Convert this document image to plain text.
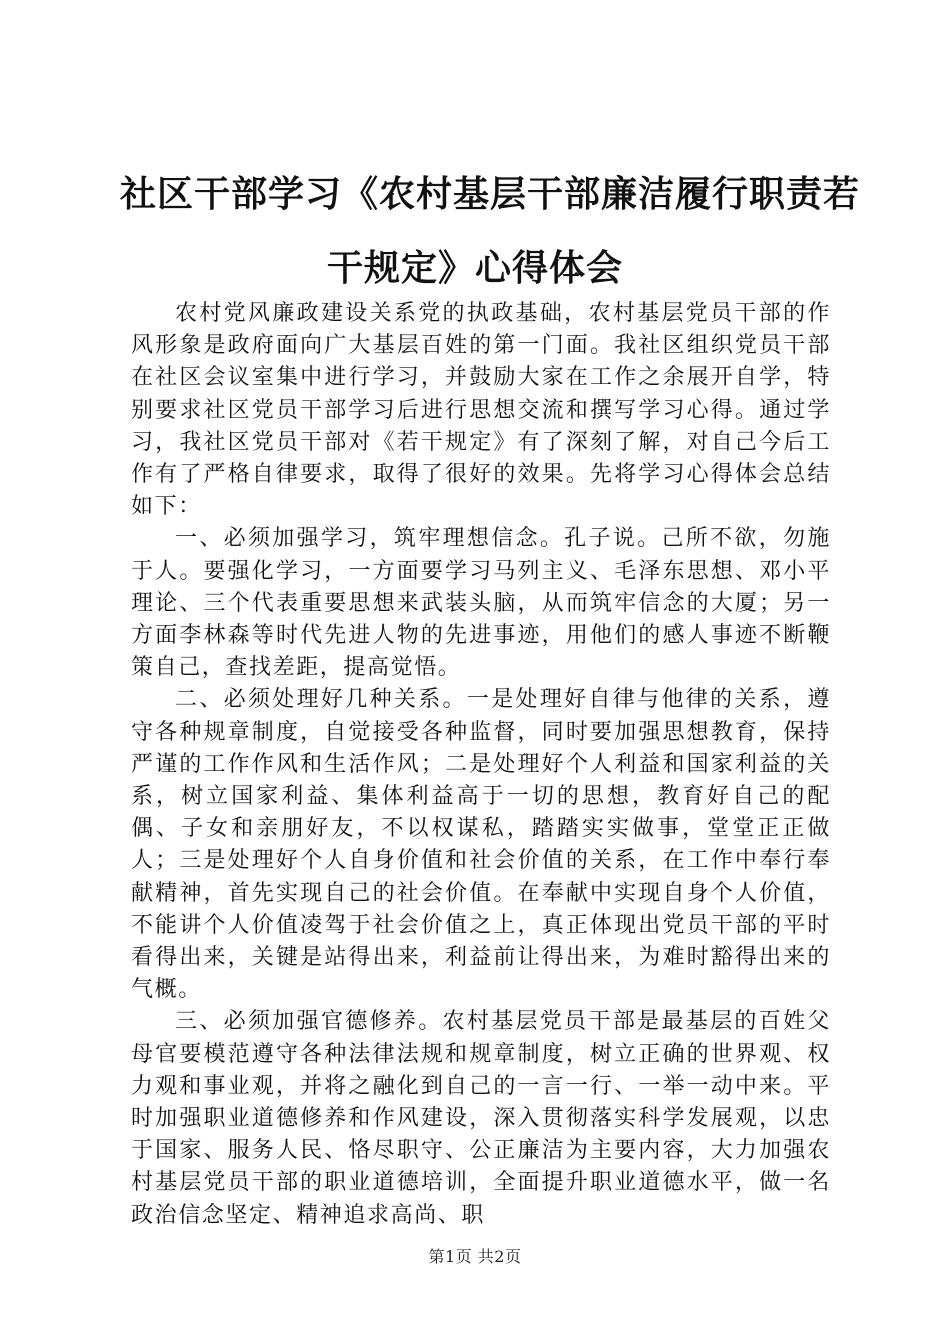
社区干部学习《农村基层干部廉洁履行职责若
干规定》心得体会

农村党风廉政建设关系党的执政基础，农村基层党员干部的作风形象是政府面向广大基层百姓的第一门面。我社区组织党员干部在社区会议室集中进行学习，并鼓励大家在工作之余展开自学，特别要求社区党员干部学习后进行思想交流和撰写学习心得。通过学习，我社区党员干部对《若干规定》有了深刻了解，对自己今后工作有了严格自律要求，取得了很好的效果。先将学习心得体会总结如下：

一、必须加强学习，筑牢理想信念。孔子说。己所不欲，勿施于人。要强化学习，一方面要学习马列主义、毛泽东思想、邓小平理论、三个代表重要思想来武装头脑，从而筑牢信念的大厦；另一方面李林森等时代先进人物的先进事迹，用他们的感人事迹不断鞭策自己，查找差距，提高觉悟。

二、必须处理好几种关系。一是处理好自律与他律的关系，遵守各种规章制度，自觉接受各种监督，同时要加强思想教育，保持严谨的工作作风和生活作风；二是处理好个人利益和国家利益的关系，树立国家利益、集体利益高于一切的思想，教育好自己的配偶、子女和亲朋好友，不以权谋私，踏踏实实做事，堂堂正正做人；三是处理好个人自身价值和社会价值的关系，在工作中奉行奉献精神，首先实现自己的社会价值。在奉献中实现自身个人价值，不能讲个人价值凌驾于社会价值之上，真正体现出党员干部的平时看得出来，关键是站得出来，利益前让得出来，为难时豁得出来的气概。

三、必须加强官德修养。农村基层党员干部是最基层的百姓父母官要模范遵守各种法律法规和规章制度，树立正确的世界观、权力观和事业观，并将之融化到自己的一言一行、一举一动中来。平时加强职业道德修养和作风建设，深入贯彻落实科学发展观，以忠于国家、服务人民、恪尽职守、公正廉洁为主要内容，大力加强农村基层党员干部的职业道德培训，全面提升职业道德水平，做一名政治信念坚定、精神追求高尚、职

第1页 共2页
